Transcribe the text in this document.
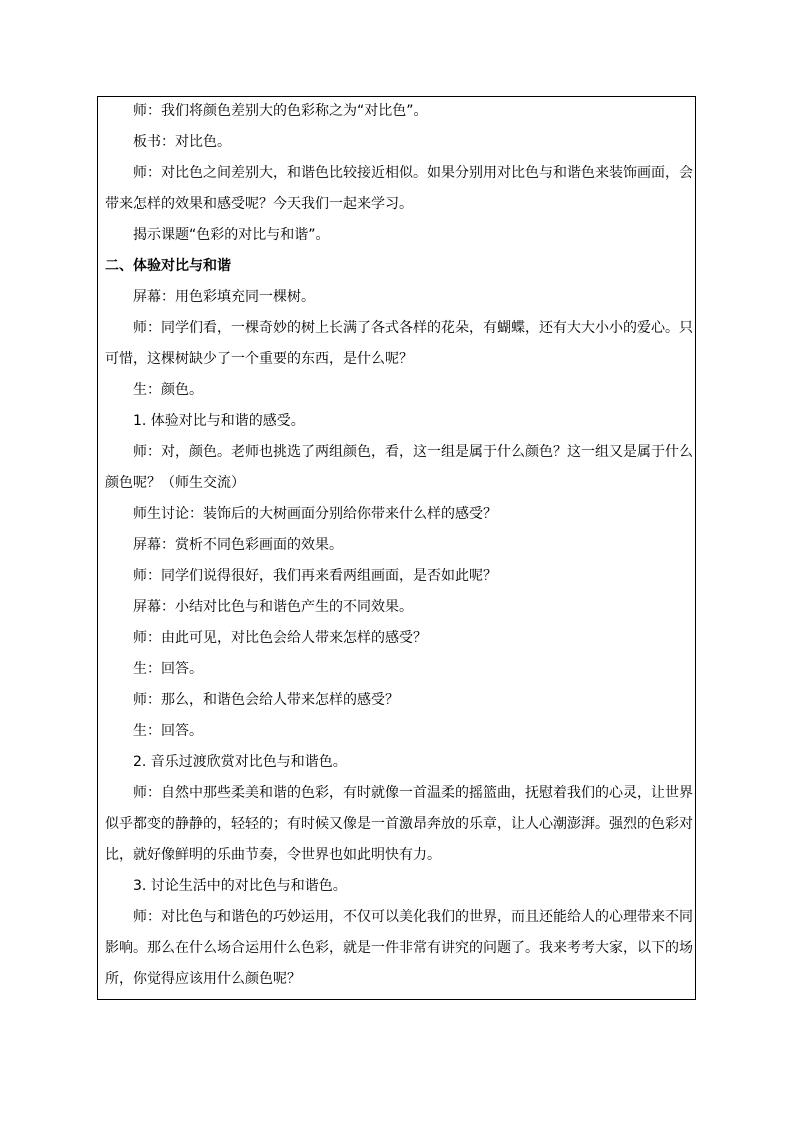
师：我们将颜色差别大的色彩称之为“对比色”。
板书：对比色。
师：对比色之间差别大，和谐色比较接近相似。如果分别用对比色与和谐色来装饰画面，会
带来怎样的效果和感受呢？今天我们一起来学习。
揭示课题“色彩的对比与和谐”。
二、体验对比与和谐
屏幕：用色彩填充同一棵树。
师：同学们看，一棵奇妙的树上长满了各式各样的花朵，有蝴蝶，还有大大小小的爱心。只
可惜，这棵树缺少了一个重要的东西，是什么呢？
生：颜色。
1. 体验对比与和谐的感受。
师：对，颜色。老师也挑选了两组颜色，看，这一组是属于什么颜色？这一组又是属于什么
颜色呢？（师生交流）
师生讨论：装饰后的大树画面分别给你带来什么样的感受？
屏幕：赏析不同色彩画面的效果。
师：同学们说得很好，我们再来看两组画面，是否如此呢？
屏幕：小结对比色与和谐色产生的不同效果。
师：由此可见，对比色会给人带来怎样的感受？
生：回答。
师：那么，和谐色会给人带来怎样的感受？
生：回答。
2. 音乐过渡欣赏对比色与和谐色。
师：自然中那些柔美和谐的色彩，有时就像一首温柔的摇篮曲，抚慰着我们的心灵，让世界
似乎都变的静静的，轻轻的；有时候又像是一首激昂奔放的乐章，让人心潮澎湃。强烈的色彩对
比，就好像鲜明的乐曲节奏，令世界也如此明快有力。
3. 讨论生活中的对比色与和谐色。
师：对比色与和谐色的巧妙运用，不仅可以美化我们的世界，而且还能给人的心理带来不同
影响。那么在什么场合运用什么色彩，就是一件非常有讲究的问题了。我来考考大家，以下的场
所，你觉得应该用什么颜色呢？
